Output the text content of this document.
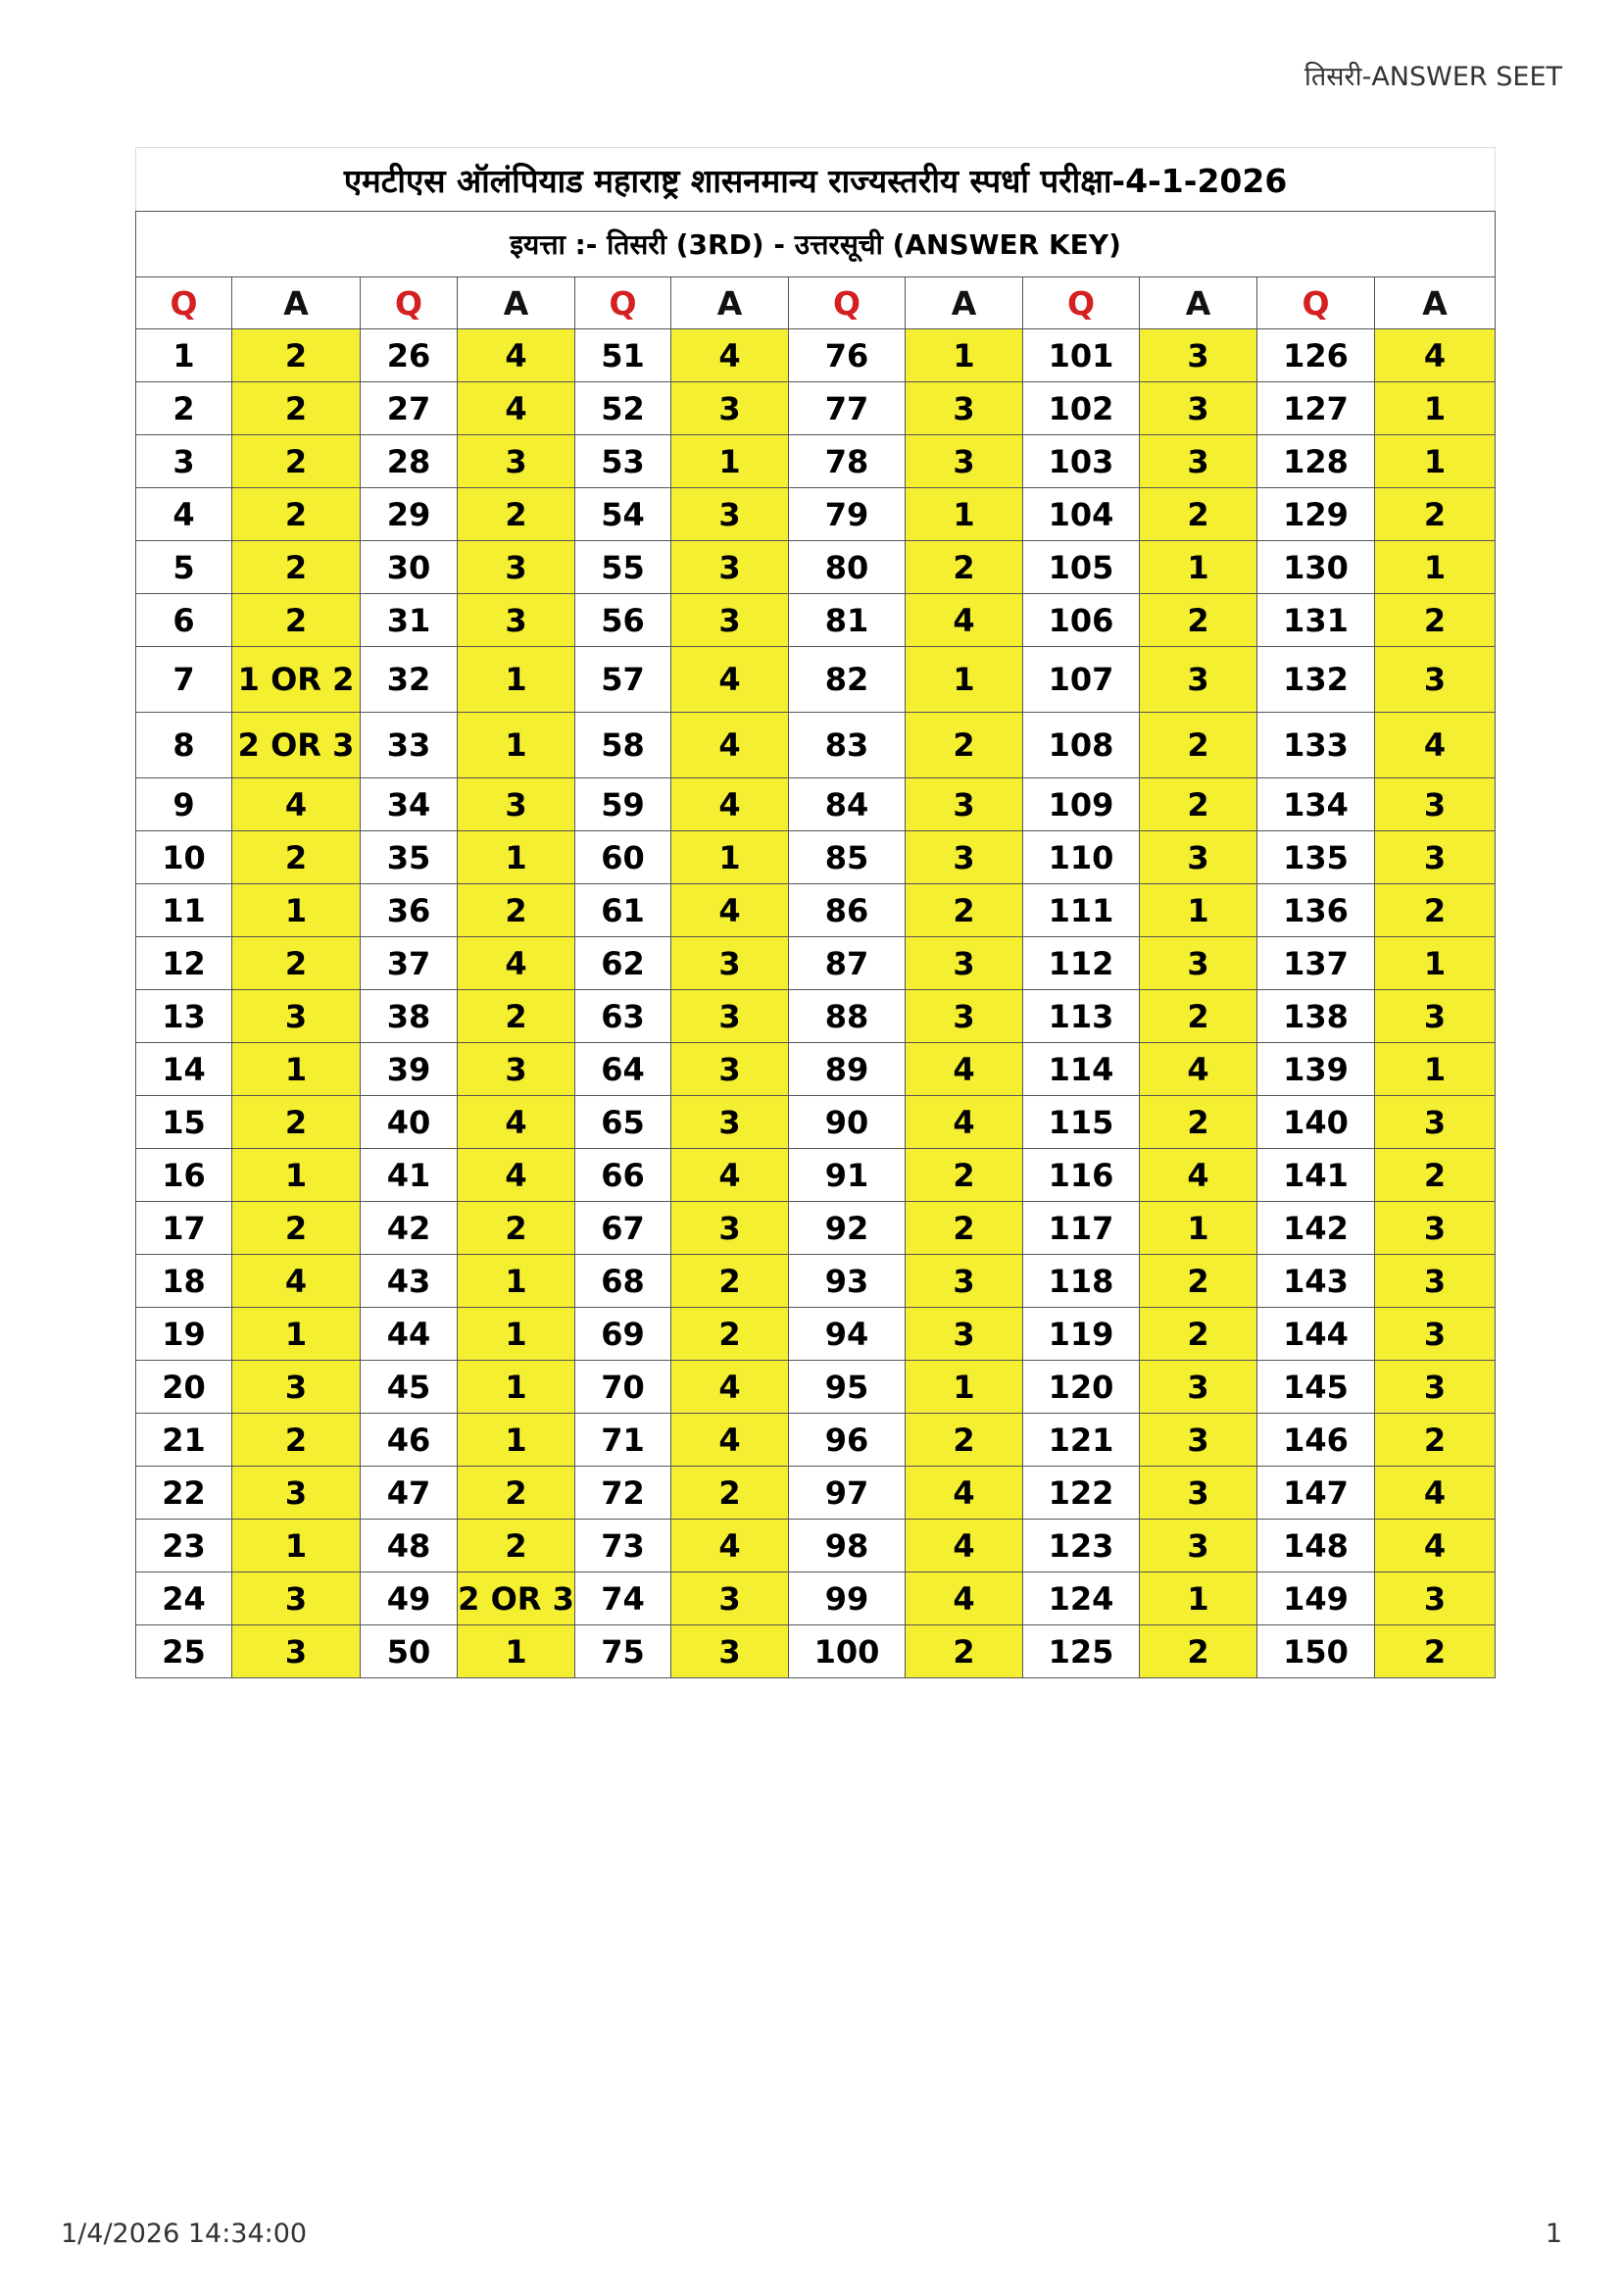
तिसरी-ANSWER SEET
एमटीएस ऑलंपियाड महाराष्ट्र शासनमान्य राज्यस्तरीय स्पर्धा परीक्षा-4-1-2026											
इयत्ता :- तिसरी (3RD) - उत्तरसूची (ANSWER KEY)											
Q	A	Q	A	Q	A	Q	A	Q	A	Q	A
1	2	26	4	51	4	76	1	101	3	126	4
2	2	27	4	52	3	77	3	102	3	127	1
3	2	28	3	53	1	78	3	103	3	128	1
4	2	29	2	54	3	79	1	104	2	129	2
5	2	30	3	55	3	80	2	105	1	130	1
6	2	31	3	56	3	81	4	106	2	131	2
7	1 OR 2	32	1	57	4	82	1	107	3	132	3
8	2 OR 3	33	1	58	4	83	2	108	2	133	4
9	4	34	3	59	4	84	3	109	2	134	3
10	2	35	1	60	1	85	3	110	3	135	3
11	1	36	2	61	4	86	2	111	1	136	2
12	2	37	4	62	3	87	3	112	3	137	1
13	3	38	2	63	3	88	3	113	2	138	3
14	1	39	3	64	3	89	4	114	4	139	1
15	2	40	4	65	3	90	4	115	2	140	3
16	1	41	4	66	4	91	2	116	4	141	2
17	2	42	2	67	3	92	2	117	1	142	3
18	4	43	1	68	2	93	3	118	2	143	3
19	1	44	1	69	2	94	3	119	2	144	3
20	3	45	1	70	4	95	1	120	3	145	3
21	2	46	1	71	4	96	2	121	3	146	2
22	3	47	2	72	2	97	4	122	3	147	4
23	1	48	2	73	4	98	4	123	3	148	4
24	3	49	2 OR 3	74	3	99	4	124	1	149	3
25	3	50	1	75	3	100	2	125	2	150	2
1/4/2026 14:34:00	1
